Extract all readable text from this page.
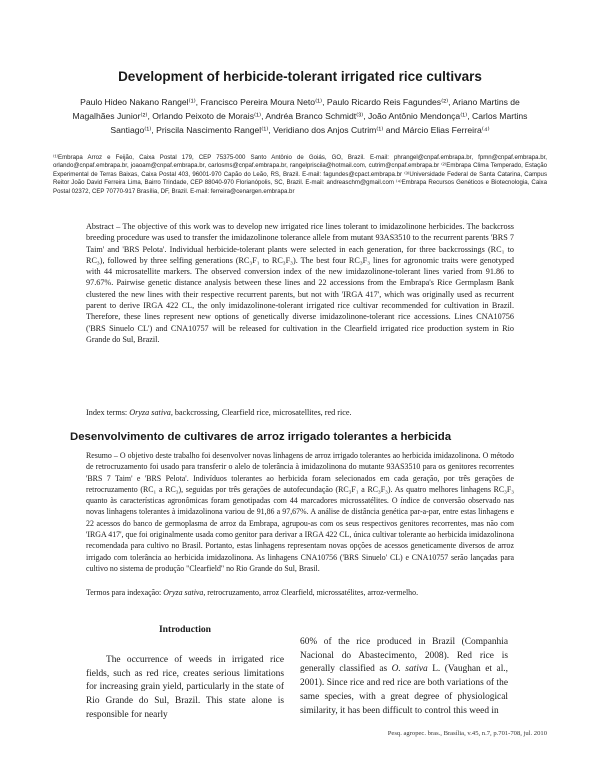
Development of herbicide-tolerant irrigated rice cultivars
Paulo Hideo Nakano Rangel⁽¹⁾, Francisco Pereira Moura Neto⁽¹⁾, Paulo Ricardo Reis Fagundes⁽²⁾, Ariano Martins de Magalhães Junior⁽²⁾, Orlando Peixoto de Morais⁽¹⁾, Andréa Branco Schmidt⁽³⁾, João Antônio Mendonça⁽¹⁾, Carlos Martins Santiago⁽¹⁾, Priscila Nascimento Rangel⁽¹⁾, Veridiano dos Anjos Cutrim⁽¹⁾ and Márcio Elias Ferreira⁽⁴⁾
⁽¹⁾Embrapa Arroz e Feijão, Caixa Postal 179, CEP 75375-000 Santo Antônio de Goiás, GO, Brazil. E-mail: phrangel@cnpaf.embrapa.br, fpmn@cnpaf.embrapa.br, orlando@cnpaf.embrapa.br, joaoam@cnpaf.embrapa.br, carlosms@cnpaf.embrapa.br, rangelpriscila@hotmail.com, cutrim@cnpaf.embrapa.br ⁽²⁾Embrapa Clima Temperado, Estação Experimental de Terras Baixas, Caixa Postal 403, 96001-970 Capão do Leão, RS, Brazil. E-mail: fagundes@cpact.embrapa.br ⁽³⁾Universidade Federal de Santa Catarina, Campus Reitor João David Ferreira Lima, Bairro Trindade, CEP 88040-970 Florianópolis, SC, Brazil. E-mail: andreaschm@gmail.com ⁽⁴⁾Embrapa Recursos Genéticos e Biotecnologia, Caixa Postal 02372, CEP 70770-917 Brasília, DF, Brazil. E-mail: ferreira@cenargen.embrapa.br
Abstract – The objective of this work was to develop new irrigated rice lines tolerant to imidazolinone herbicides. The backcross breeding procedure was used to transfer the imidazolinone tolerance allele from mutant 93AS3510 to the recurrent parents 'BRS 7 Taim' and 'BRS Pelota'. Individual herbicide-tolerant plants were selected in each generation, for three backcrossings (RC₁ to RC₃), followed by three selfing generations (RC₃F₁ to RC₃F₃). The best four RC₃F₃ lines for agronomic traits were genotyped with 44 microsatellite markers. The observed conversion index of the new imidazolinone-tolerant lines varied from 91.86 to 97.67%. Pairwise genetic distance analysis between these lines and 22 accessions from the Embrapa's Rice Germplasm Bank clustered the new lines with their respective recurrent parents, but not with 'IRGA 417', which was originally used as recurrent parent to derive IRGA 422 CL, the only imidazolinone-tolerant irrigated rice cultivar recommended for cultivation in Brazil. Therefore, these lines represent new options of genetically diverse imidazolinone-tolerant rice accessions. Lines CNA10756 ('BRS Sinuelo CL') and CNA10757 will be released for cultivation in the Clearfield irrigated rice production system in Rio Grande do Sul, Brazil.
Index terms: Oryza sativa, backcrossing, Clearfield rice, microsatellites, red rice.
Desenvolvimento de cultivares de arroz irrigado tolerantes a herbicida
Resumo – O objetivo deste trabalho foi desenvolver novas linhagens de arroz irrigado tolerantes ao herbicida imidazolinona. O método de retrocruzamento foi usado para transferir o alelo de tolerância à imidazolinona do mutante 93AS3510 para os genitores recorrentes 'BRS 7 Taim' e 'BRS Pelota'. Indivíduos tolerantes ao herbicida foram selecionados em cada geração, por três gerações de retrocruzamento (RC₁ a RC₃), seguidas por três gerações de autofecundação (RC₃F₁ a RC₃F₃). As quatro melhores linhagens RC₃F₃ quanto às características agronômicas foram genotipadas com 44 marcadores microssatélites. O índice de conversão observado nas novas linhagens tolerantes à imidazolinona variou de 91,86 a 97,67%. A análise de distância genética par-a-par, entre estas linhagens e 22 acessos do banco de germoplasma de arroz da Embrapa, agrupou-as com os seus respectivos genitores recorrentes, mas não com 'IRGA 417', que foi originalmente usada como genitor para derivar a IRGA 422 CL, única cultivar tolerante ao herbicida imidazolinona recomendada para cultivo no Brasil. Portanto, estas linhagens representam novas opções de acessos geneticamente diversos de arroz irrigado com tolerância ao herbicida imidazolinona. As linhagens CNA10756 ('BRS Sinuelo' CL) e CNA10757 serão lançadas para cultivo no sistema de produção "Clearfield" no Rio Grande do Sul, Brasil.
Termos para indexação: Oryza sativa, retrocruzamento, arroz Clearfield, microssatélites, arroz-vermelho.
Introduction

The occurrence of weeds in irrigated rice fields, such as red rice, creates serious limitations for increasing grain yield, particularly in the state of Rio Grande do Sul, Brazil. This state alone is responsible for nearly

60% of the rice produced in Brazil (Companhia Nacional do Abastecimento, 2008). Red rice is generally classified as O. sativa L. (Vaughan et al., 2001). Since rice and red rice are both variations of the same species, with a great degree of physiological similarity, it has been difficult to control this weed in

Pesq. agropec. bras., Brasília, v.45, n.7, p.701-708, jul. 2010
